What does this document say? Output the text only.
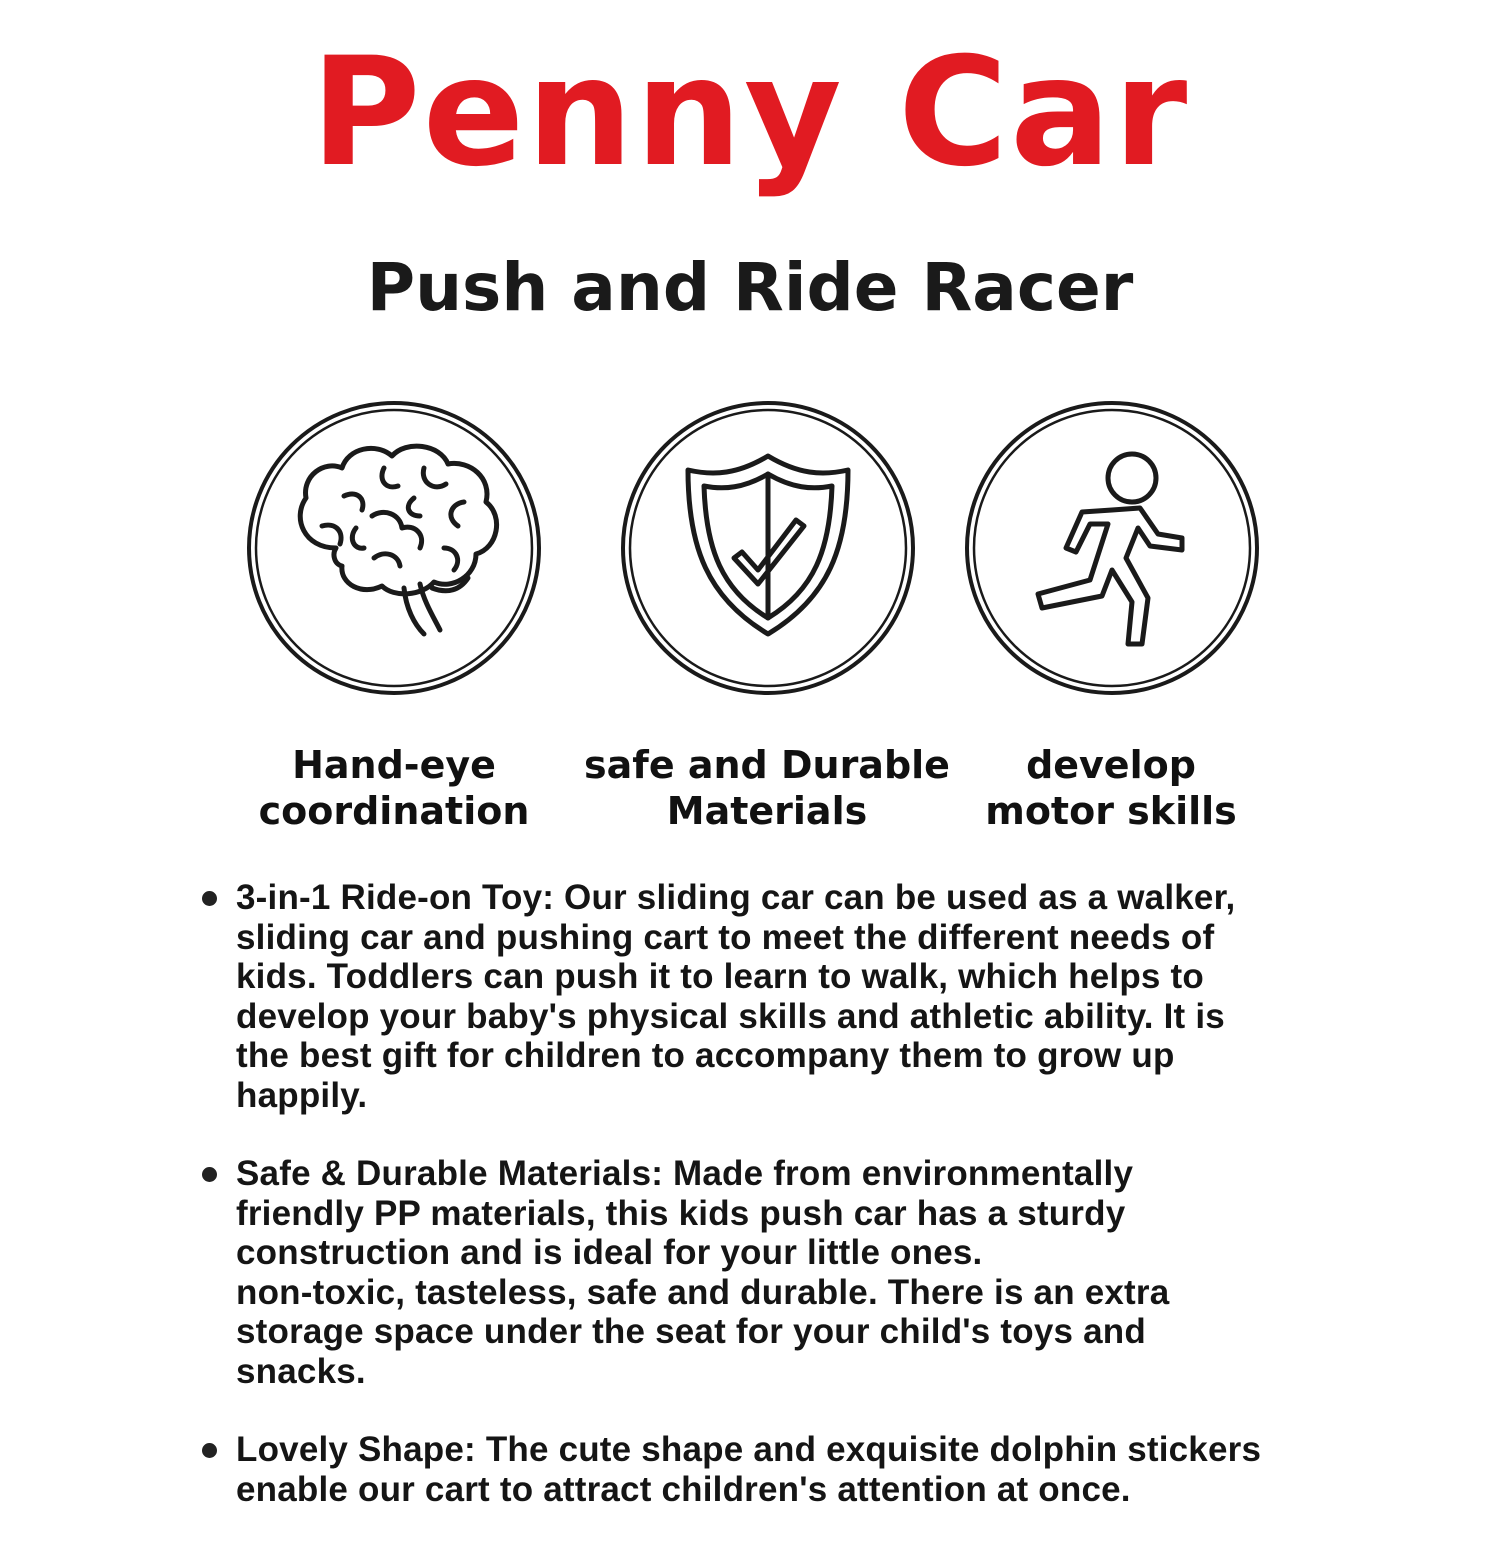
Penny Car
Push and Ride Racer
Hand-eye
coordination
safe and Durable
Materials
develop
motor skills
3-in-1 Ride-on Toy: Our sliding car can be used as a walker,
sliding car and pushing cart to meet the different needs of
kids. Toddlers can push it to learn to walk, which helps to
develop your baby's physical skills and athletic ability. It is
the best gift for children to accompany them to grow up
happily.
Safe & Durable Materials: Made from environmentally
friendly PP materials, this kids push car has a sturdy
construction and is ideal for your little ones.
non-toxic, tasteless, safe and durable. There is an extra
storage space under the seat for your child's toys and
snacks.
Lovely Shape: The cute shape and exquisite dolphin stickers
enable our cart to attract children's attention at once.
